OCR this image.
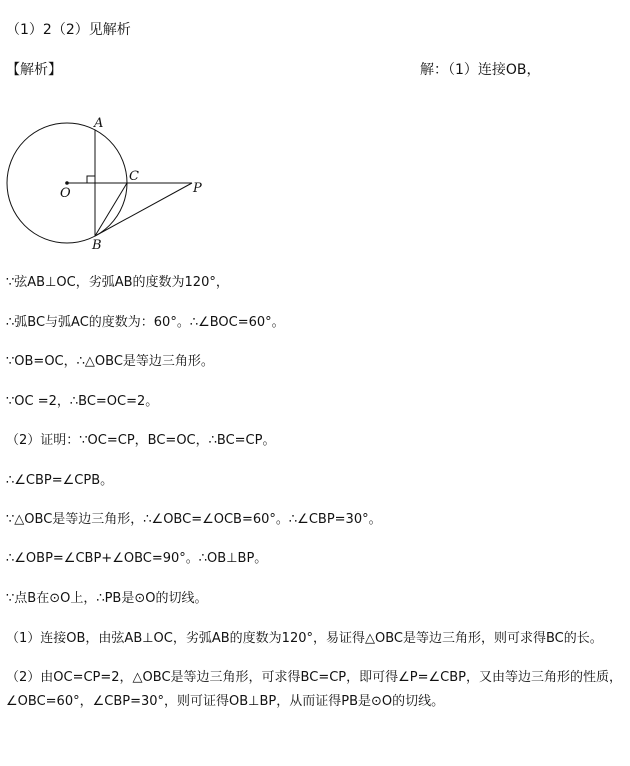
（1）2（2）见解析
【解析】	解：（1）连接OB，
A
C
O	P
B
∵弦AB⊥OC，劣弧AB的度数为120°，
∴弧BC与弧AC的度数为：60°。∴∠BOC=60°。
∵OB=OC，∴△OBC是等边三角形。
∵OC =2，∴BC=OC=2。
（2）证明：∵OC=CP，BC=OC，∴BC=CP。
∴∠CBP=∠CPB。
∵△OBC是等边三角形，∴∠OBC=∠OCB=60°。∴∠CBP=30°。
∴∠OBP=∠CBP+∠OBC=90°。∴OB⊥BP。
∵点B在⊙O上，∴PB是⊙O的切线。
（1）连接OB，由弦AB⊥OC，劣弧AB的度数为120°，易证得△OBC是等边三角形，则可求得BC的长。
（2）由OC=CP=2，△OBC是等边三角形，可求得BC=CP，即可得∠P=∠CBP，又由等边三角形的性质，∠OBC=60°，∠CBP=30°，则可证得OB⊥BP，从而证得PB是⊙O的切线。
